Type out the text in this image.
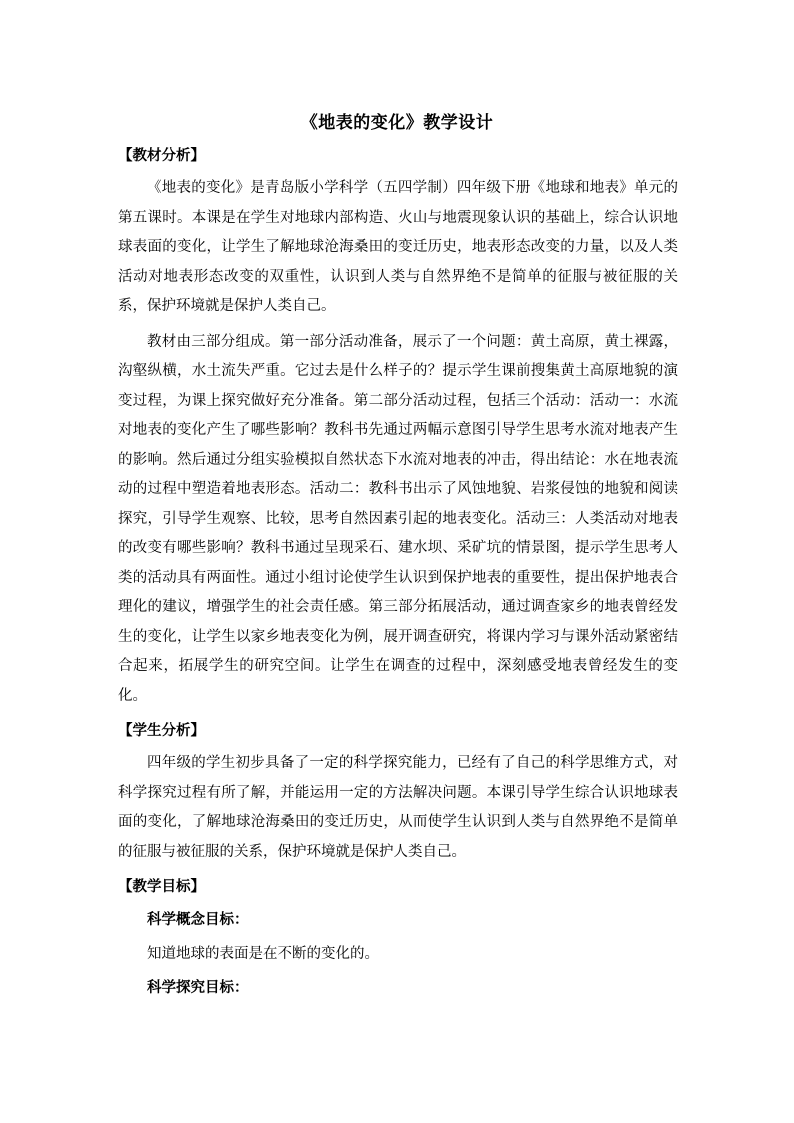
《地表的变化》教学设计
【教材分析】

《地表的变化》是青岛版小学科学（五四学制）四年级下册《地球和地表》单元的第五课时。本课是在学生对地球内部构造、火山与地震现象认识的基础上，综合认识地球表面的变化，让学生了解地球沧海桑田的变迁历史，地表形态改变的力量，以及人类活动对地表形态改变的双重性，认识到人类与自然界绝不是简单的征服与被征服的关系，保护环境就是保护人类自己。

教材由三部分组成。第一部分活动准备，展示了一个问题：黄土高原，黄土裸露，沟壑纵横，水土流失严重。它过去是什么样子的？提示学生课前搜集黄土高原地貌的演变过程，为课上探究做好充分准备。第二部分活动过程，包括三个活动：活动一：水流对地表的变化产生了哪些影响？教科书先通过两幅示意图引导学生思考水流对地表产生的影响。然后通过分组实验模拟自然状态下水流对地表的冲击，得出结论：水在地表流动的过程中塑造着地表形态。活动二：教科书出示了风蚀地貌、岩浆侵蚀的地貌和阅读探究，引导学生观察、比较，思考自然因素引起的地表变化。活动三：人类活动对地表的改变有哪些影响？教科书通过呈现采石、建水坝、采矿坑的情景图，提示学生思考人类的活动具有两面性。通过小组讨论使学生认识到保护地表的重要性，提出保护地表合理化的建议，增强学生的社会责任感。第三部分拓展活动，通过调查家乡的地表曾经发生的变化，让学生以家乡地表变化为例，展开调查研究，将课内学习与课外活动紧密结合起来，拓展学生的研究空间。让学生在调查的过程中，深刻感受地表曾经发生的变化。

【学生分析】

四年级的学生初步具备了一定的科学探究能力，已经有了自己的科学思维方式，对科学探究过程有所了解，并能运用一定的方法解决问题。本课引导学生综合认识地球表面的变化，了解地球沧海桑田的变迁历史，从而使学生认识到人类与自然界绝不是简单的征服与被征服的关系，保护环境就是保护人类自己。

【教学目标】
科学概念目标：
知道地球的表面是在不断的变化的。
科学探究目标：
